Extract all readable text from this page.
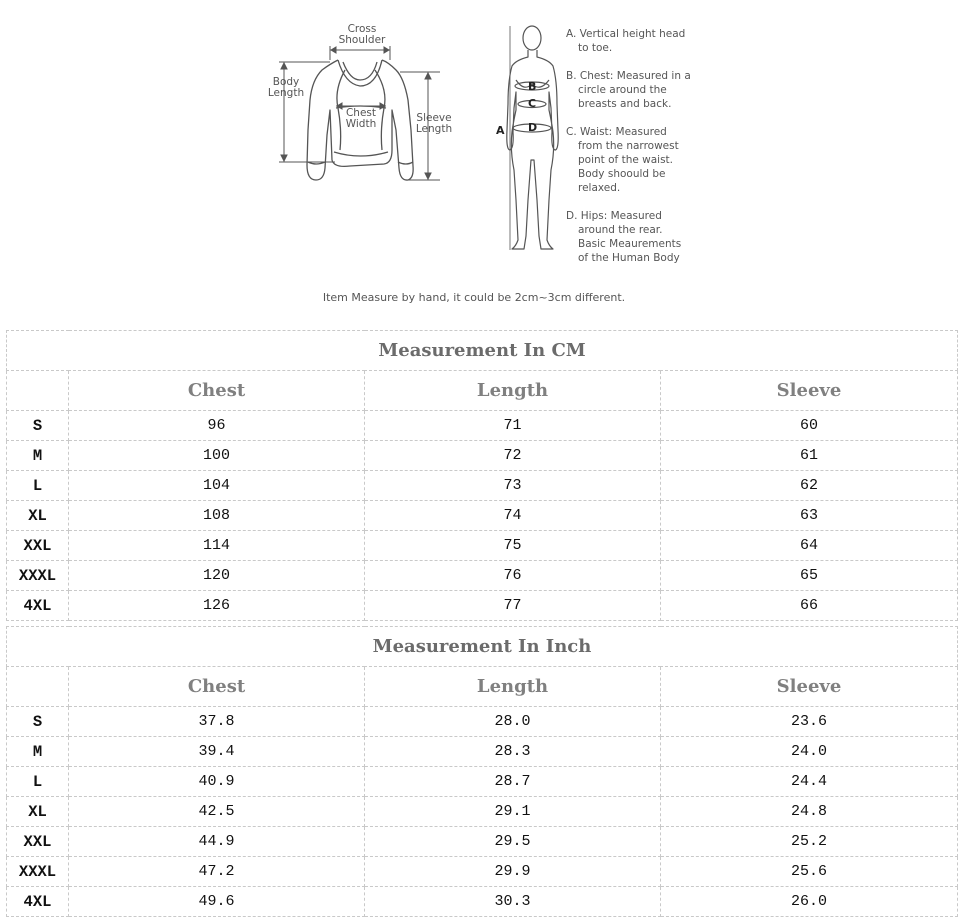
Cross
Shoulder
Body
Length
Chest
Width	Sleeve
Length	A
B
C
D
A. Vertical height head
to toe.
B. Chest: Measured in a
circle around the
breasts and back.
C. Waist: Measured
from the narrowest
point of the waist.
Body shoould be
relaxed.
D. Hips: Measured
around the rear.
Basic Meaurements
of the Human Body
Item Measure by hand, it could be 2cm~3cm different.
Measurement In CM			
	Chest	Length	Sleeve
S	96	71	60
M	100	72	61
L	104	73	62
XL	108	74	63
XXL	114	75	64
XXXL	120	76	65
4XL	126	77	66
Measurement In Inch			
	Chest	Length	Sleeve
S	37.8	28.0	23.6
M	39.4	28.3	24.0
L	40.9	28.7	24.4
XL	42.5	29.1	24.8
XXL	44.9	29.5	25.2
XXXL	47.2	29.9	25.6
4XL	49.6	30.3	26.0
